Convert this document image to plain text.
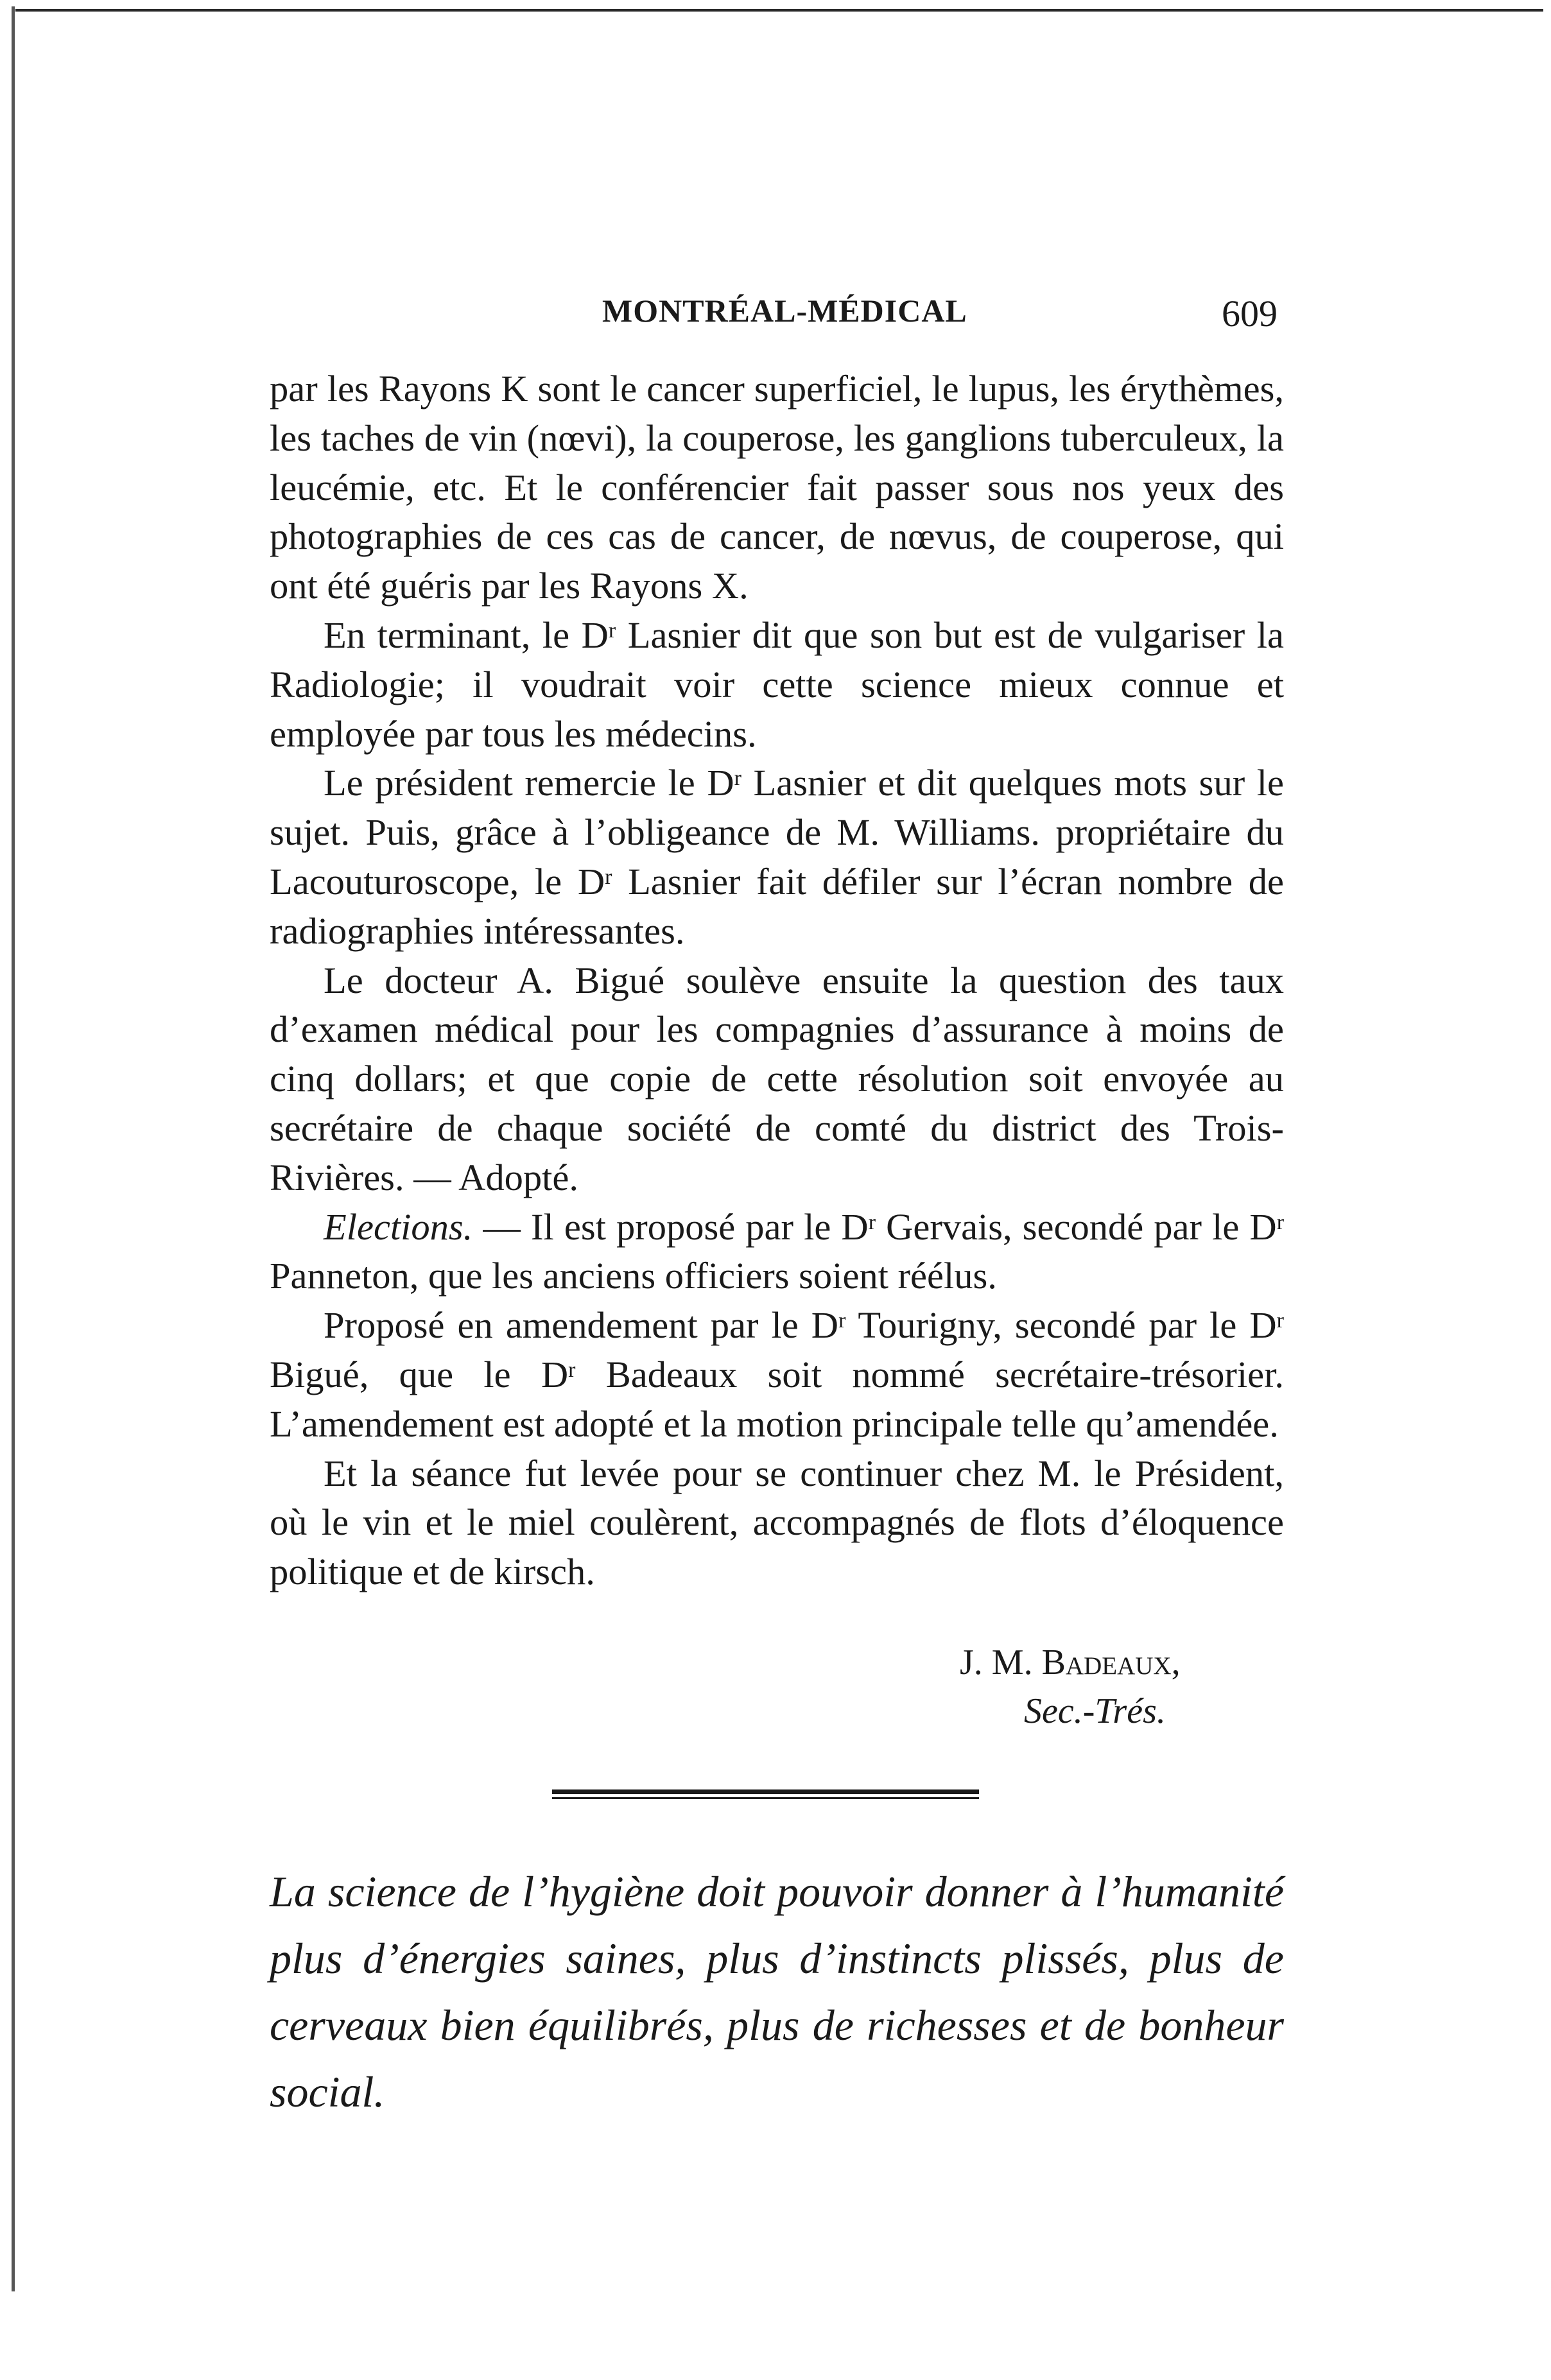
MONTRÉAL-MÉDICAL	609

par les Rayons K sont le cancer superficiel, le lupus, les érythèmes, les taches de vin (nœvi), la couperose, les ganglions tuberculeux, la leucémie, etc. Et le conférencier fait passer sous nos yeux des photographies de ces cas de cancer, de nœvus, de couperose, qui ont été guéris par les Rayons X.

En terminant, le $D^r$ Lasnier dit que son but est de vulgariser la Radiologie; il voudrait voir cette science mieux connue et employée par tous les médecins.

Le président remercie le $D^r$ Lasnier et dit quelques mots sur le sujet. Puis, grâce à l’obligeance de M. Williams. propriétaire du Lacouturoscope, le $D^r$ Lasnier fait défiler sur l’écran nombre de radiographies intéressantes.

Le docteur A. Bigué soulève ensuite la question des taux d’examen médical pour les compagnies d’assurance à moins de cinq dollars; et que copie de cette résolution soit envoyée au secrétaire de chaque société de comté du district des Trois-Rivières. — Adopté.

Elections. — Il est proposé par le $D^r$ Gervais, secondé par le $D^r$ Panneton, que les anciens officiers soient réélus.

Proposé en amendement par le $D^r$ Tourigny, secondé par le $D^r$ Bigué, que le $D^r$ Badeaux soit nommé secrétaire-trésorier. L’amendement est adopté et la motion principale telle qu’amendée.

Et la séance fut levée pour se continuer chez M. le Président, où le vin et le miel coulèrent, accompagnés de flots d’éloquence politique et de kirsch.

J. M. Badeaux,
Sec.-Trés.

La science de l’hygiène doit pouvoir donner à l’humanité plus d’énergies saines, plus d’instincts plissés, plus de cerveaux bien équilibrés, plus de richesses et de bonheur social.
